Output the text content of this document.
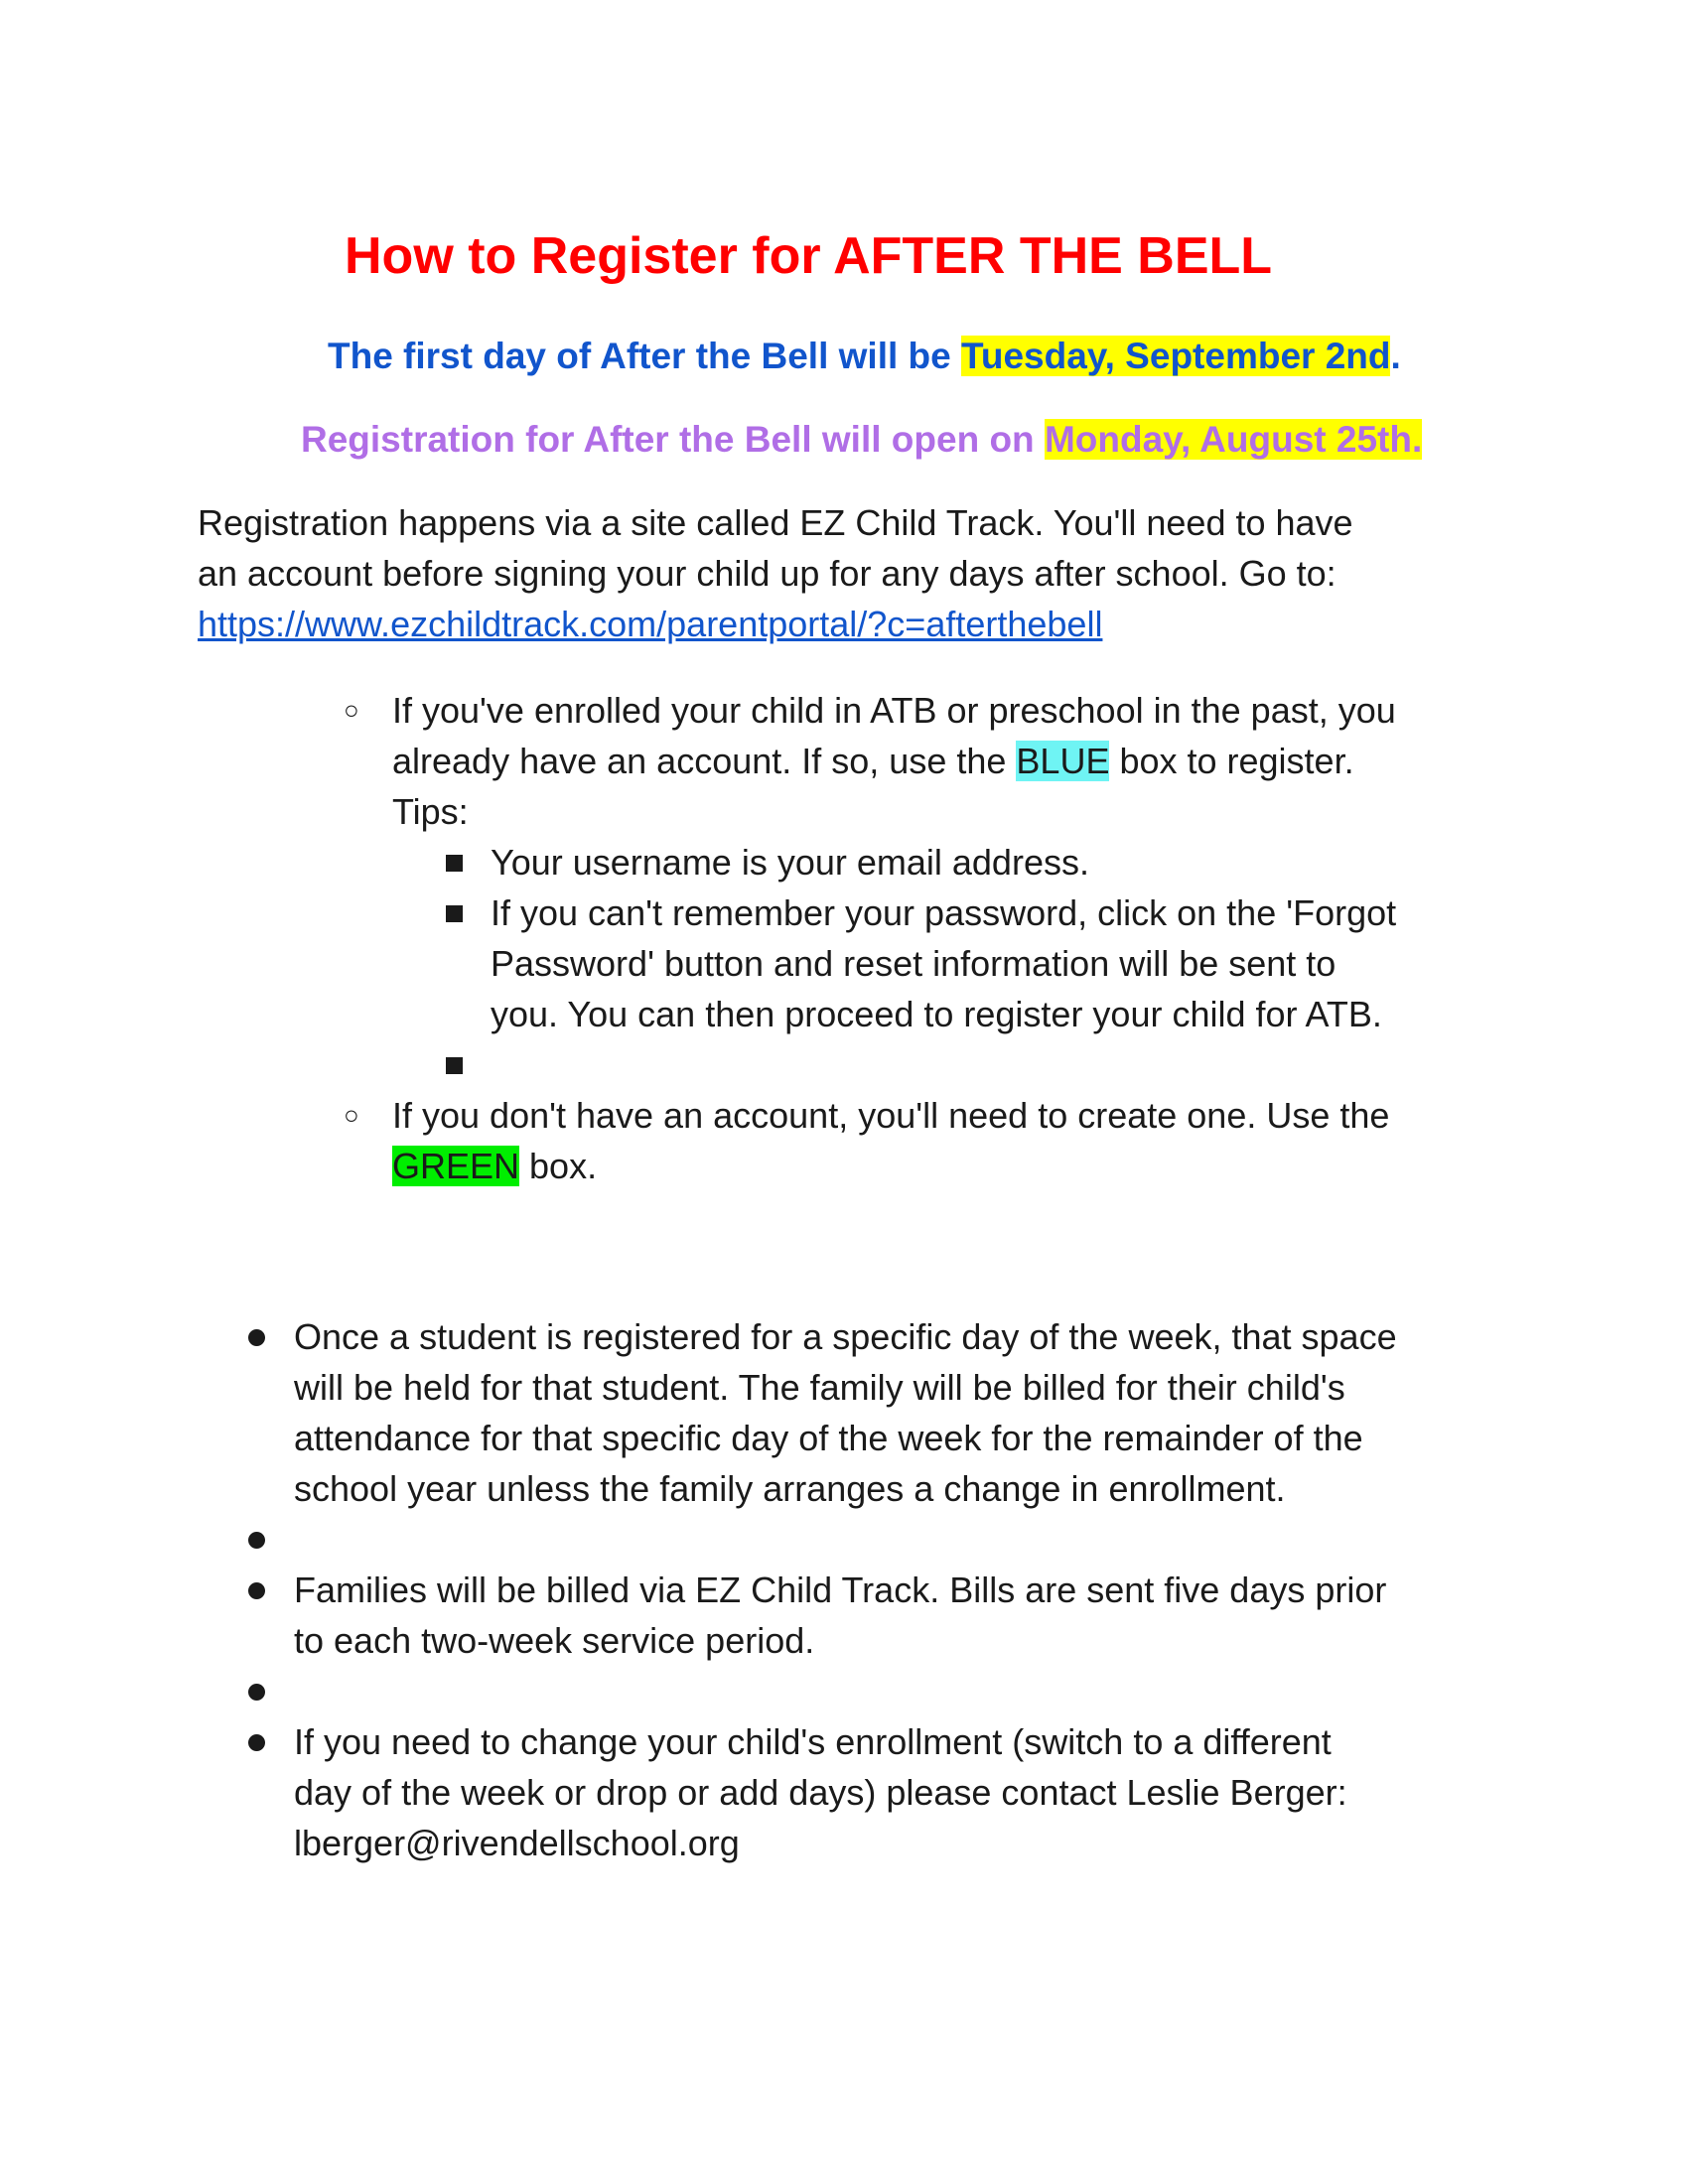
How to Register for AFTER THE BELL
The first day of After the Bell will be Tuesday, September 2nd.
Registration for After the Bell will open on Monday, August 25th.
Registration happens via a site called EZ Child Track. You'll need to have
an account before signing your child up for any days after school. Go to:
https://www.ezchildtrack.com/parentportal/?c=afterthebell
○ If you've enrolled your child in ATB or preschool in the past, you
already have an account. If so, use the BLUE box to register.
Tips:
Your username is your email address.
If you can't remember your password, click on the 'Forgot
Password' button and reset information will be sent to
you. You can then proceed to register your child for ATB.
○ If you don't have an account, you'll need to create one. Use the
GREEN box.
Once a student is registered for a specific day of the week, that space
will be held for that student. The family will be billed for their child's
attendance for that specific day of the week for the remainder of the
school year unless the family arranges a change in enrollment.
Families will be billed via EZ Child Track. Bills are sent five days prior
to each two-week service period.
If you need to change your child's enrollment (switch to a different
day of the week or drop or add days) please contact Leslie Berger:
lberger@rivendellschool.org
